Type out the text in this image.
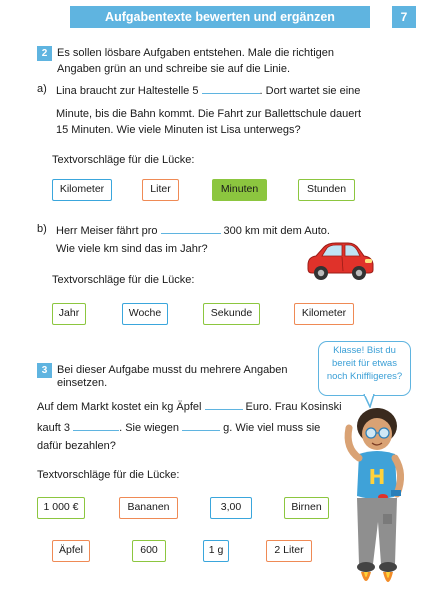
Aufgabentexte bewerten und ergänzen	7
2 Es sollen lösbare Aufgaben entstehen. Male die richtigen
Angaben grün an und schreibe sie auf die Linie.
a) Lina braucht zur Haltestelle 5	. Dort wartet sie eine
Minute, bis die Bahn kommt. Die Fahrt zur Ballettschule dauert
15 Minuten. Wie viele Minuten ist Lisa unterwegs?
Textvorschläge für die Lücke:
Kilometer	Liter	Minuten	Stunden
b) Herr Meiser fährt pro	300 km mit dem Auto.
Wie viele km sind das im Jahr?
Textvorschläge für die Lücke:
Jahr	Woche	Sekunde	Kilometer
3 Bei dieser Aufgabe musst du mehrere Angaben
einsetzen.
Auf dem Markt kostet ein kg Äpfel	Euro. Frau Kosinski
kauft 3	. Sie wiegen	g. Wie viel muss sie
dafür bezahlen?
Textvorschläge für die Lücke:
1 000 €	Bananen	3,00	Birnen
Äpfel	600	1 g	2 Liter
Klasse! Bist du
bereit für etwas
noch Kniffligeres?
H
